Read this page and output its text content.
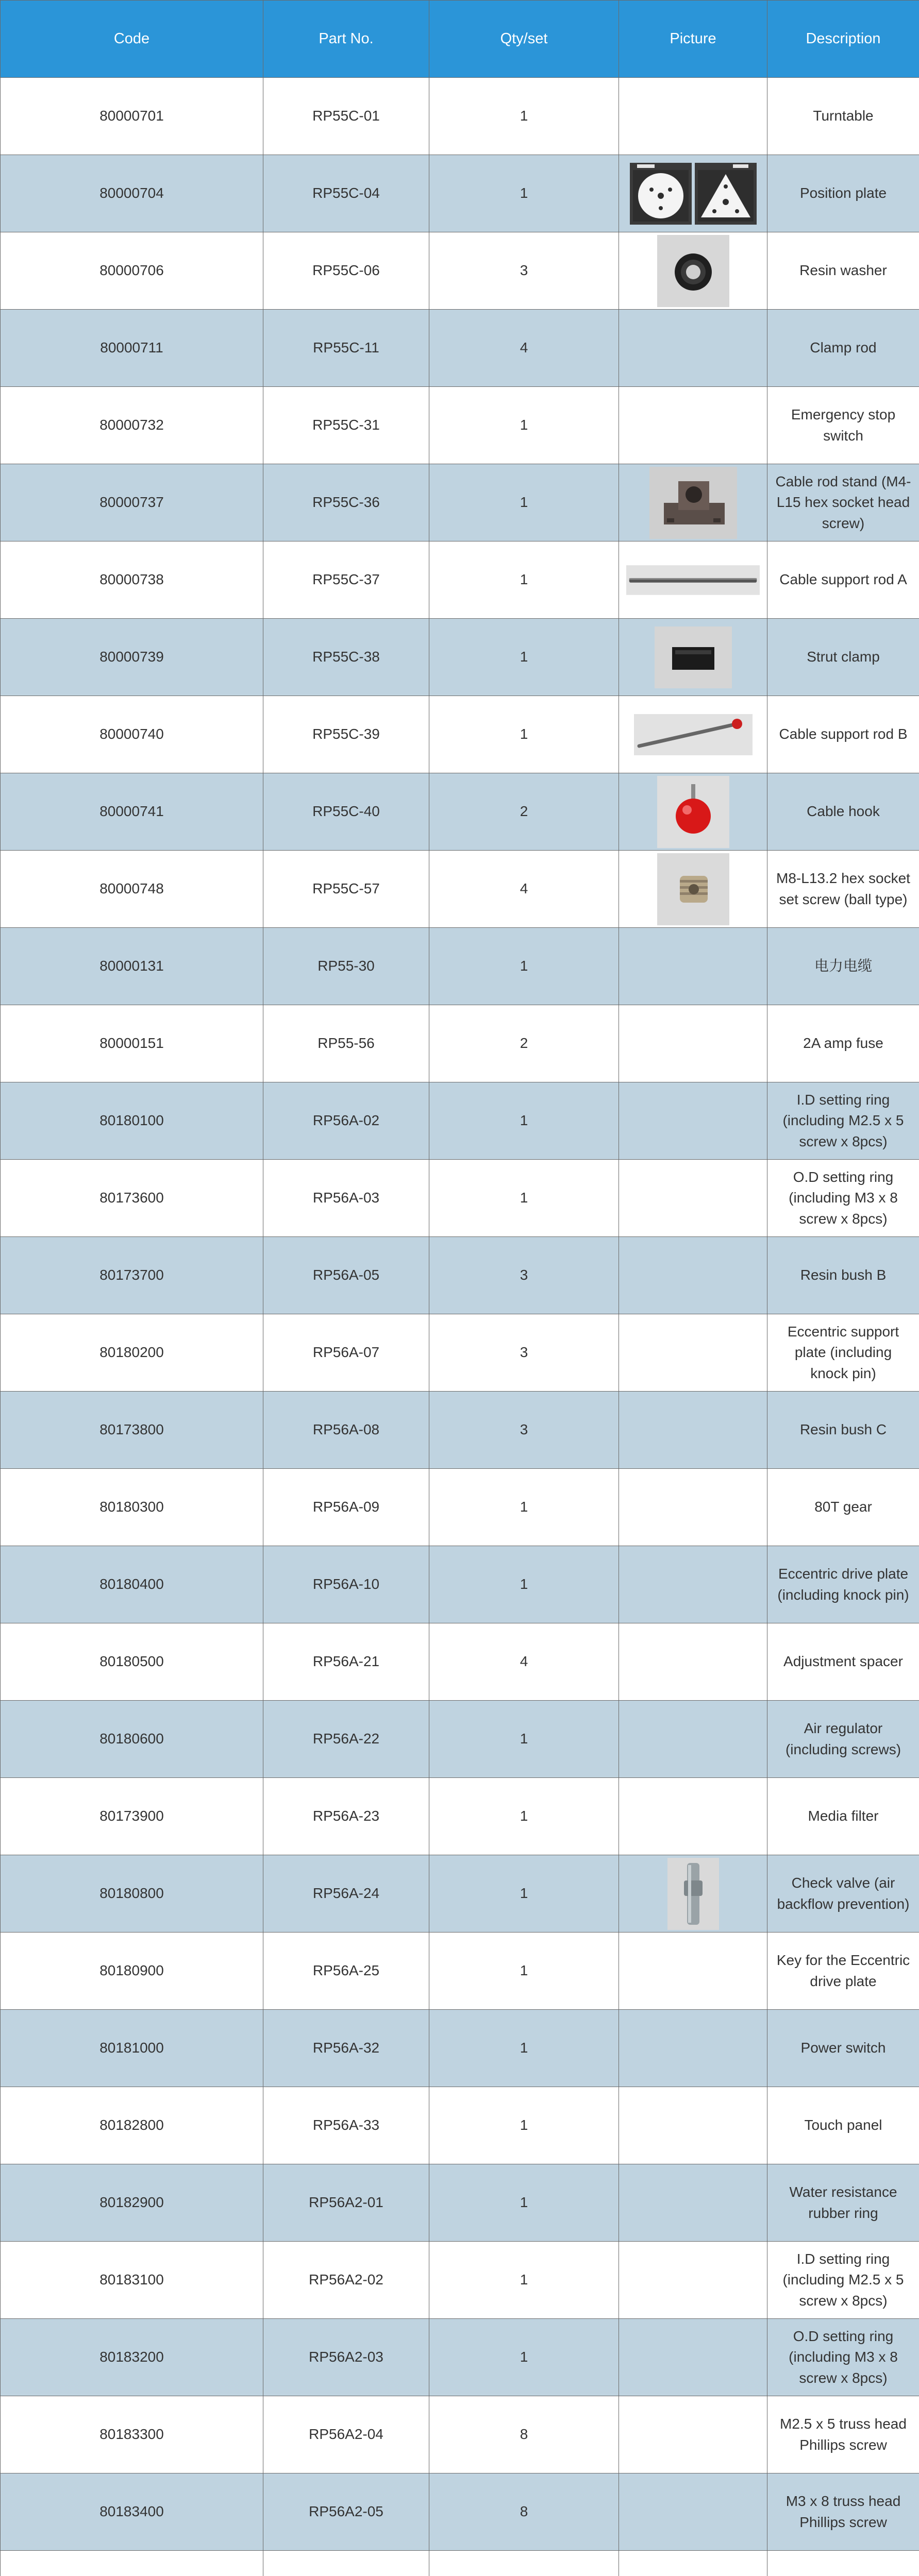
Code	Part No.	Qty/set	Picture	Description
80000701	RP55C-01	1		Turntable
80000704	RP55C-04	1		Position plate
80000706	RP55C-06	3		Resin washer
80000711	RP55C-11	4		Clamp rod
80000732	RP55C-31	1		Emergency stop switch
80000737	RP55C-36	1		Cable rod stand (M4-L15 hex socket head screw)
80000738	RP55C-37	1		Cable support rod A
80000739	RP55C-38	1		Strut clamp
80000740	RP55C-39	1		Cable support rod B
80000741	RP55C-40	2		Cable hook
80000748	RP55C-57	4		M8-L13.2 hex socket set screw (ball type)
80000131	RP55-30	1		电力电缆
80000151	RP55-56	2		2A amp fuse
80180100	RP56A-02	1		I.D setting ring (including M2.5 x 5 screw x 8pcs)
80173600	RP56A-03	1		O.D setting ring (including M3 x 8 screw x 8pcs)
80173700	RP56A-05	3		Resin bush B
80180200	RP56A-07	3		Eccentric support plate (including knock pin)
80173800	RP56A-08	3		Resin bush C
80180300	RP56A-09	1		80T gear
80180400	RP56A-10	1		Eccentric drive plate (including knock pin)
80180500	RP56A-21	4		Adjustment spacer
80180600	RP56A-22	1		Air regulator (including screws)
80173900	RP56A-23	1		Media filter
80180800	RP56A-24	1		Check valve (air backflow prevention)
80180900	RP56A-25	1		Key for the Eccentric drive plate
80181000	RP56A-32	1		Power switch
80182800	RP56A-33	1		Touch panel
80182900	RP56A2-01	1		Water resistance rubber ring
80183100	RP56A2-02	1		I.D setting ring (including M2.5 x 5 screw x 8pcs)
80183200	RP56A2-03	1		O.D setting ring (including M3 x 8 screw x 8pcs)
80183300	RP56A2-04	8		M2.5 x 5 truss head Phillips screw
80183400	RP56A2-05	8		M3 x 8 truss head Phillips screw
